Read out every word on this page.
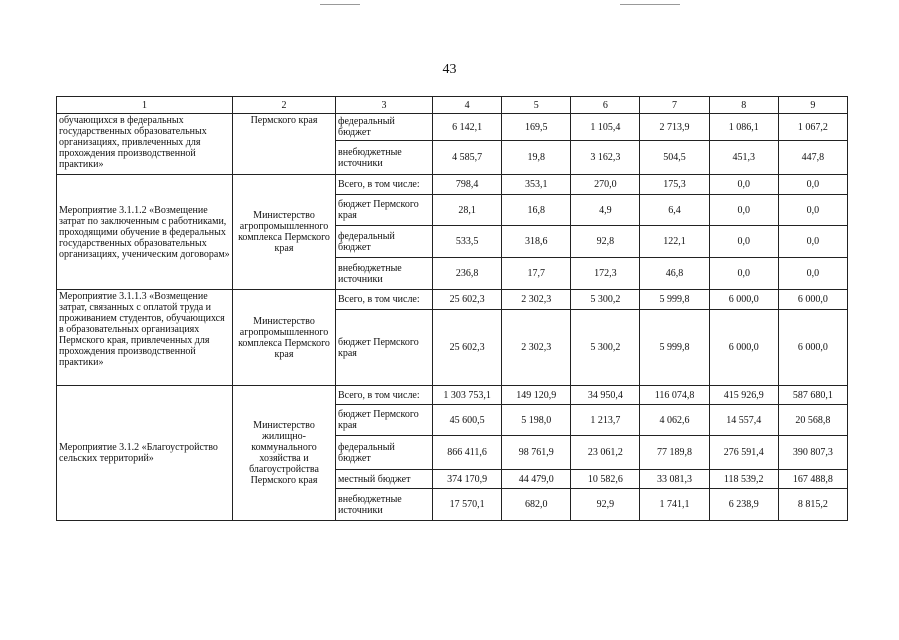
43
1	2	3	4	5	6	7	8	9
обучающихся в федеральных государственных образовательных организациях, привлеченных для прохождения производственной практики»	Пермского края	федеральный бюджет	6 142,1	169,5	1 105,4	2 713,9	1 086,1	1 067,2
		внебюджетные источники	4 585,7	19,8	3 162,3	504,5	451,3	447,8
Мероприятие 3.1.1.2 «Возмещение затрат по заключенным с работниками, проходящими обучение в федеральных государственных образовательных организациях, ученическим договорам»	Министерство агропромышленного комплекса Пермского края	Всего, в том числе:	798,4	353,1	270,0	175,3	0,0	0,0
		бюджет Пермского края	28,1	16,8	4,9	6,4	0,0	0,0
		федеральный бюджет	533,5	318,6	92,8	122,1	0,0	0,0
		внебюджетные источники	236,8	17,7	172,3	46,8	0,0	0,0
Мероприятие 3.1.1.3 «Возмещение затрат, связанных с оплатой труда и проживанием студентов, обучающихся в образовательных организациях Пермского края, привлеченных для прохождения производственной практики»	Министерство агропромышленного комплекса Пермского края	Всего, в том числе:	25 602,3	2 302,3	5 300,2	5 999,8	6 000,0	6 000,0
		бюджет Пермского края	25 602,3	2 302,3	5 300,2	5 999,8	6 000,0	6 000,0
Мероприятие 3.1.2 «Благоустройство сельских территорий»	Министерство жилищно-коммунального хозяйства и благоустройства Пермского края	Всего, в том числе:	1 303 753,1	149 120,9	34 950,4	116 074,8	415 926,9	587 680,1
		бюджет Пермского края	45 600,5	5 198,0	1 213,7	4 062,6	14 557,4	20 568,8
		федеральный бюджет	866 411,6	98 761,9	23 061,2	77 189,8	276 591,4	390 807,3
		местный бюджет	374 170,9	44 479,0	10 582,6	33 081,3	118 539,2	167 488,8
		внебюджетные источники	17 570,1	682,0	92,9	1 741,1	6 238,9	8 815,2
